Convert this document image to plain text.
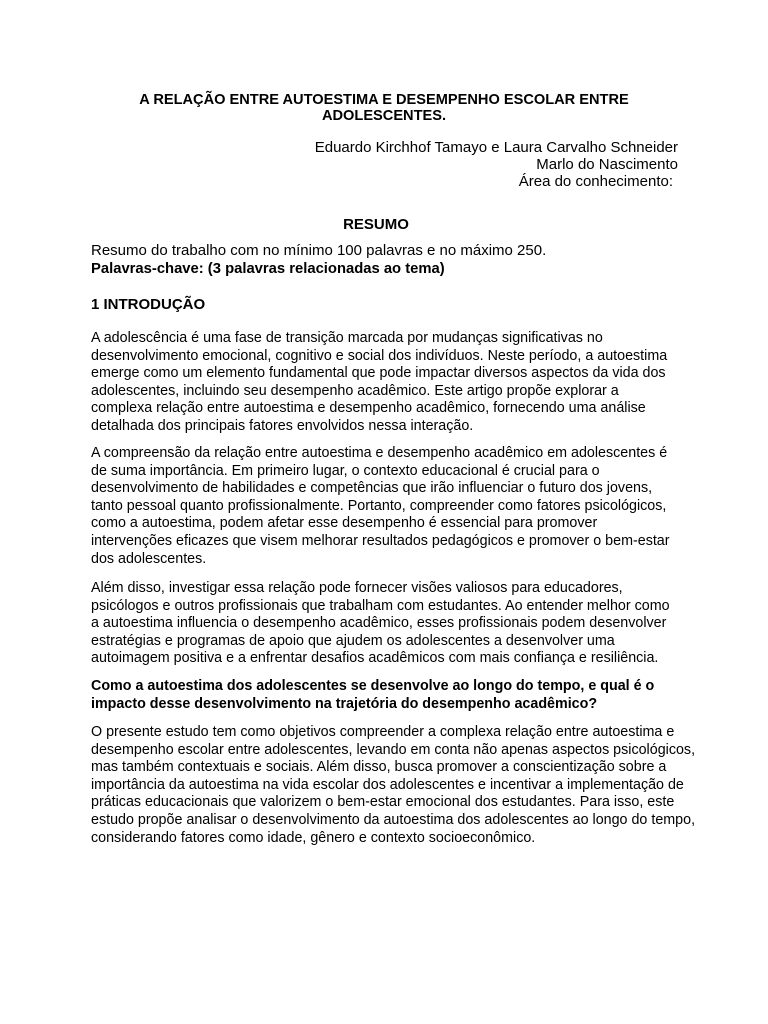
A RELAÇÃO ENTRE AUTOESTIMA E DESEMPENHO ESCOLAR ENTRE
ADOLESCENTES.
Eduardo Kirchhof Tamayo e Laura Carvalho Schneider
Marlo do Nascimento
Área do conhecimento:
RESUMO
Resumo do trabalho com no mínimo 100 palavras e no máximo 250.
Palavras-chave: (3 palavras relacionadas ao tema)
1 INTRODUÇÃO
A adolescência é uma fase de transição marcada por mudanças significativas no
desenvolvimento emocional, cognitivo e social dos indivíduos. Neste período, a autoestima
emerge como um elemento fundamental que pode impactar diversos aspectos da vida dos
adolescentes, incluindo seu desempenho acadêmico. Este artigo propõe explorar a
complexa relação entre autoestima e desempenho acadêmico, fornecendo uma análise
detalhada dos principais fatores envolvidos nessa interação.
A compreensão da relação entre autoestima e desempenho acadêmico em adolescentes é
de suma importância. Em primeiro lugar, o contexto educacional é crucial para o
desenvolvimento de habilidades e competências que irão influenciar o futuro dos jovens,
tanto pessoal quanto profissionalmente. Portanto, compreender como fatores psicológicos,
como a autoestima, podem afetar esse desempenho é essencial para promover
intervenções eficazes que visem melhorar resultados pedagógicos e promover o bem-estar
dos adolescentes.
Além disso, investigar essa relação pode fornecer visões valiosos para educadores,
psicólogos e outros profissionais que trabalham com estudantes. Ao entender melhor como
a autoestima influencia o desempenho acadêmico, esses profissionais podem desenvolver
estratégias e programas de apoio que ajudem os adolescentes a desenvolver uma
autoimagem positiva e a enfrentar desafios acadêmicos com mais confiança e resiliência.
Como a autoestima dos adolescentes se desenvolve ao longo do tempo, e qual é o
impacto desse desenvolvimento na trajetória do desempenho acadêmico?
O presente estudo tem como objetivos compreender a complexa relação entre autoestima e
desempenho escolar entre adolescentes, levando em conta não apenas aspectos psicológicos,
mas também contextuais e sociais. Além disso, busca promover a conscientização sobre a
importância da autoestima na vida escolar dos adolescentes e incentivar a implementação de
práticas educacionais que valorizem o bem-estar emocional dos estudantes. Para isso, este
estudo propõe analisar o desenvolvimento da autoestima dos adolescentes ao longo do tempo,
considerando fatores como idade, gênero e contexto socioeconômico.
